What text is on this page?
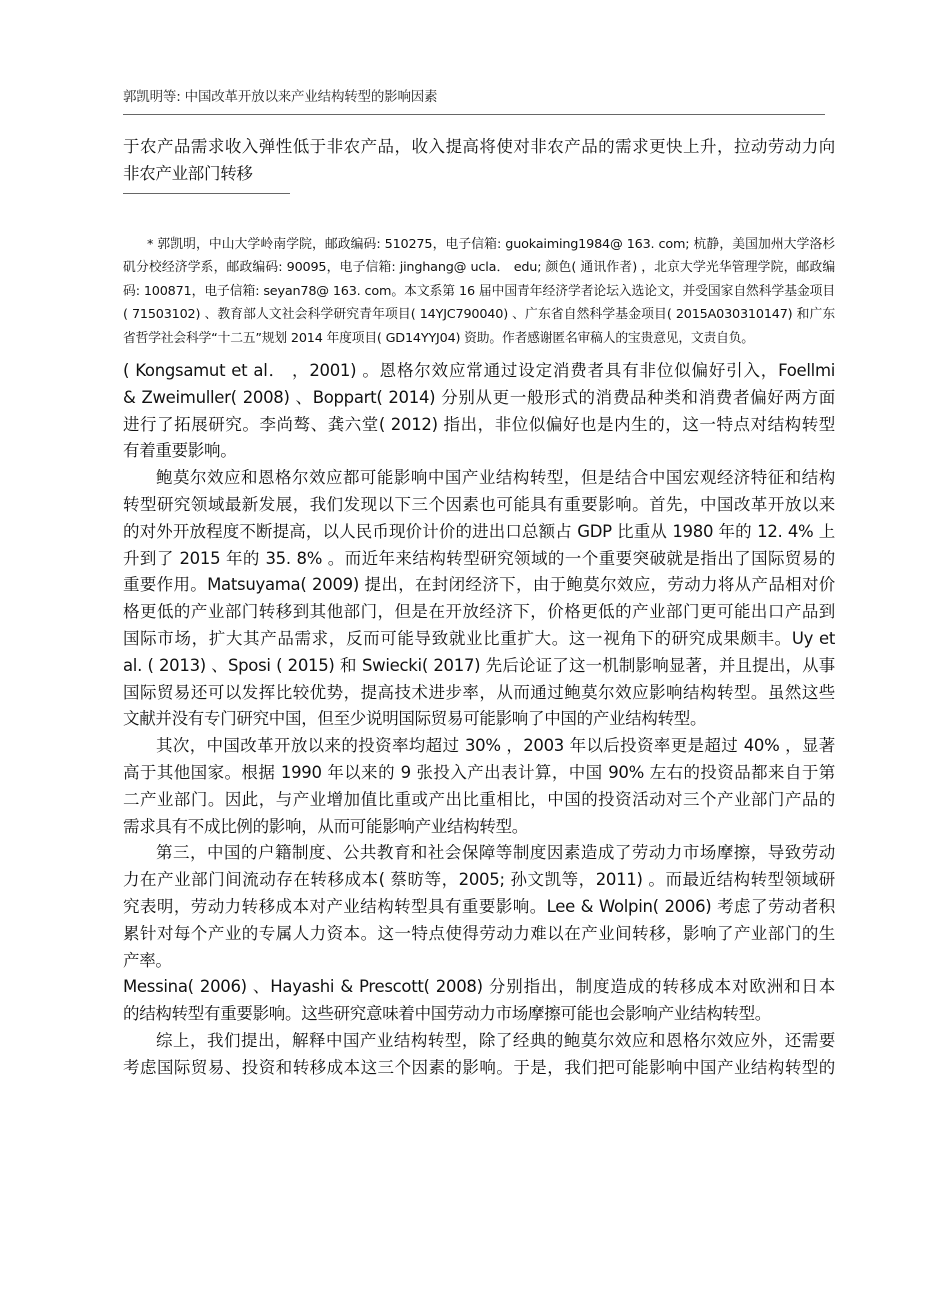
郭凯明等: 中国改革开放以来产业结构转型的影响因素
于农产品需求收入弹性低于非农产品，收入提高将使对非农产品的需求更快上升，拉动劳动力向
非农产业部门转移
* 郭凯明，中山大学岭南学院，邮政编码: 510275，电子信箱: guokaiming1984@ 163. com; 杭静，美国加州大学洛杉
矶分校经济学系，邮政编码: 90095，电子信箱: jinghang@ ucla． edu; 颜色( 通讯作者) ，北京大学光华管理学院，邮政编
码: 100871，电子信箱: seyan78@ 163. com。本文系第 16 届中国青年经济学者论坛入选论文，并受国家自然科学基金项目
( 71503102) 、教育部人文社会科学研究青年项目( 14YJC790040) 、广东省自然科学基金项目( 2015A030310147) 和广东
省哲学社会科学“十二五”规划 2014 年度项目( GD14YYJ04) 资助。作者感谢匿名审稿人的宝贵意见，文责自负。

( Kongsamut et al． ，2001) 。恩格尔效应常通过设定消费者具有非位似偏好引入，Foellmi
& Zweimuller( 2008) 、Boppart( 2014) 分别从更一般形式的消费品种类和消费者偏好两方面
进行了拓展研究。李尚骜、龚六堂( 2012) 指出，非位似偏好也是内生的，这一特点对结构转型
有着重要影响。

鲍莫尔效应和恩格尔效应都可能影响中国产业结构转型，但是结合中国宏观经济特征和结构
转型研究领域最新发展，我们发现以下三个因素也可能具有重要影响。首先，中国改革开放以来
的对外开放程度不断提高，以人民币现价计价的进出口总额占 GDP 比重从 1980 年的 12. 4% 上
升到了 2015 年的 35. 8% 。而近年来结构转型研究领域的一个重要突破就是指出了国际贸易的
重要作用。Matsuyama( 2009) 提出，在封闭经济下，由于鲍莫尔效应，劳动力将从产品相对价
格更低的产业部门转移到其他部门，但是在开放经济下，价格更低的产业部门更可能出口产品到
国际市场，扩大其产品需求，反而可能导致就业比重扩大。这一视角下的研究成果颇丰。Uy et
al. ( 2013) 、Sposi ( 2015) 和 Swiecki( 2017) 先后论证了这一机制影响显著，并且提出，从事
国际贸易还可以发挥比较优势，提高技术进步率，从而通过鲍莫尔效应影响结构转型。虽然这些
文献并没有专门研究中国，但至少说明国际贸易可能影响了中国的产业结构转型。

其次，中国改革开放以来的投资率均超过 30% ，2003 年以后投资率更是超过 40% ，显著
高于其他国家。根据 1990 年以来的 9 张投入产出表计算，中国 90% 左右的投资品都来自于第
二产业部门。因此，与产业增加值比重或产出比重相比，中国的投资活动对三个产业部门产品的
需求具有不成比例的影响，从而可能影响产业结构转型。

第三，中国的户籍制度、公共教育和社会保障等制度因素造成了劳动力市场摩擦，导致劳动
力在产业部门间流动存在转移成本( 蔡昉等，2005; 孙文凯等，2011) 。而最近结构转型领域研
究表明，劳动力转移成本对产业结构转型具有重要影响。Lee & Wolpin( 2006) 考虑了劳动者积
累针对每个产业的专属人力资本。这一特点使得劳动力难以在产业间转移，影响了产业部门的生
产率。

Messina( 2006) 、Hayashi & Prescott( 2008) 分别指出，制度造成的转移成本对欧洲和日本
的结构转型有重要影响。这些研究意味着中国劳动力市场摩擦可能也会影响产业结构转型。

综上，我们提出，解释中国产业结构转型，除了经典的鲍莫尔效应和恩格尔效应外，还需要
考虑国际贸易、投资和转移成本这三个因素的影响。于是，我们把可能影响中国产业结构转型的
